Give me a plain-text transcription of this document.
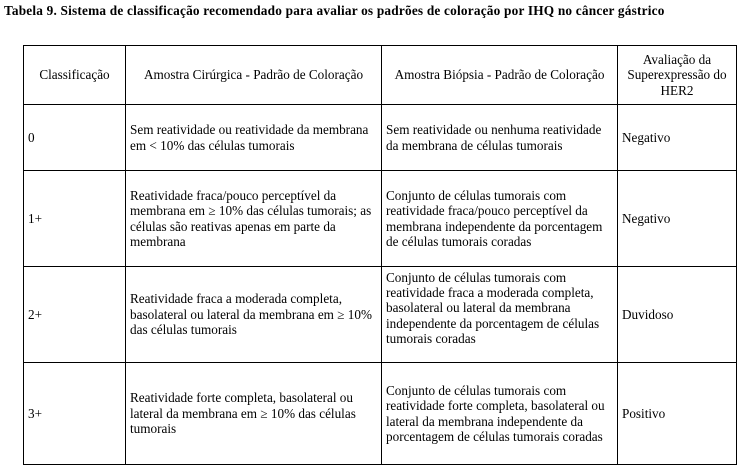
Tabela 9. Sistema de classificação recomendado para avaliar os padrões de coloração por IHQ no câncer gástrico
Classificação	Amostra Cirúrgica - Padrão de Coloração	Amostra Biópsia - Padrão de Coloração	Avaliação da Superexpressão do HER2
0	Sem reatividade ou reatividade da membrana em < 10% das células tumorais	Sem reatividade ou nenhuma reatividade da membrana de células tumorais	Negativo
1+	Reatividade fraca/pouco perceptível da membrana em ≥ 10% das células tumorais; as células são reativas apenas em parte da membrana	Conjunto de células tumorais com reatividade fraca/pouco perceptível da membrana independente da porcentagem de células tumorais coradas	Negativo
2+	Reatividade fraca a moderada completa, basolateral ou lateral da membrana em ≥ 10% das células tumorais	Conjunto de células tumorais com reatividade fraca a moderada completa, basolateral ou lateral da membrana independente da porcentagem de células tumorais coradas	Duvidoso
3+	Reatividade forte completa, basolateral ou lateral da membrana em ≥ 10% das células tumorais	Conjunto de células tumorais com reatividade forte completa, basolateral ou lateral da membrana independente da porcentagem de células tumorais coradas	Positivo
